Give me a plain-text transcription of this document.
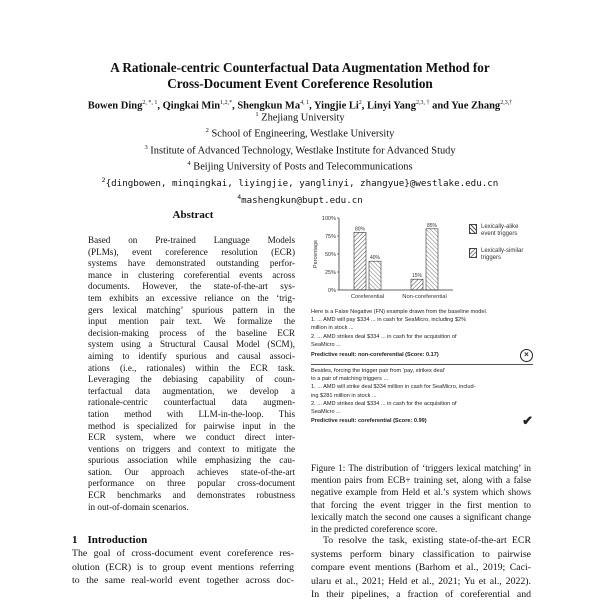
A Rationale-centric Counterfactual Data Augmentation Method for
Cross-Document Event Coreference Resolution
Bowen Ding$^{2, *, 1}$, Qingkai Min$^{1,2,*}$, Shengkun Ma$^{4, 1}$, Yingjie Li$^2$, Linyi Yang$^{2,3, \dagger}$ and Yue Zhang$^{2,3,\dagger}$
$^1$ Zhejiang University
$^2$ School of Engineering, Westlake University
$^3$ Institute of Advanced Technology, Westlake Institute for Advanced Study
$^4$ Beijing University of Posts and Telecommunications
$^2${dingbowen, minqingkai, liyingjie, yanglinyi, zhangyue}@westlake.edu.cn
$^4$mashengkun@bupt.edu.cn
Abstract
Based on Pre-trained Language Models
(PLMs), event coreference resolution (ECR)
systems have demonstrated outstanding perfor-
mance in clustering coreferential events across
documents. However, the state-of-the-art sys-
tem exhibits an excessive reliance on the ‘trig-
gers lexical matching’ spurious pattern in the
input mention pair text. We formalize the
decision-making process of the baseline ECR
system using a Structural Causal Model (SCM),
aiming to identify spurious and causal associ-
ations (i.e., rationales) within the ECR task.
Leveraging the debiasing capability of coun-
terfactual data augmentation, we develop a
rationale-centric counterfactual data augmen-
tation method with LLM-in-the-loop. This
method is specialized for pairwise input in the
ECR system, where we conduct direct inter-
ventions on triggers and context to mitigate the
spurious association while emphasizing the cau-
sation. Our approach achieves state-of-the-art
performance on three popular cross-document
ECR benchmarks and demonstrates robustness
in out-of-domain scenarios.
1 Introduction
The goal of cross-document event coreference res-
olution (ECR) is to group event mentions referring
to the same real-world event together across doc-
To resolve the task, existing state-of-the-art ECR
systems perform binary classification to pairwise
compare event mentions (Barhom et al., 2019; Caci-
ularu et al., 2021; Held et al., 2021; Yu et al., 2022).
In their pipelines, a fraction of coreferential and
100%
75%
50%
25%
0%
Percentage
80%
40%
Coreferential
15%
85%
Non-coreferential
Lexically-alike event triggers
Lexically-similar triggers
Here is a False Negative (FN) example drawn from the baseline model.
1. ... AMD will pay $334 ... in cash for SeaMicro, including $2%
million in stock ...
2. ... AMD strikes deal $334 ... in cash for the acquisition of
SeaMicro ...
Predictive result: non-coreferential (Score: 0.17)	×
Besides, forcing the trigger pair from ‘pay, strikes deal’
to a pair of matching triggers ...
1. ... AMD will strike deal $334 million in cash for SeaMicro, includ-
ing $281 million in stock ...
2. ... AMD strikes deal $334 ... in cash for the acquisition of
SeaMicro ...
Predictive result: coreferential (Score: 0.99)	✔
Figure 1: The distribution of ‘triggers lexical matching’ in mention pairs from ECB+ training set, along with a false negative example from Held et al.’s system which shows that forcing the event trigger in the first mention to lexically match the second one causes a significant change in the predicted coreference score.
